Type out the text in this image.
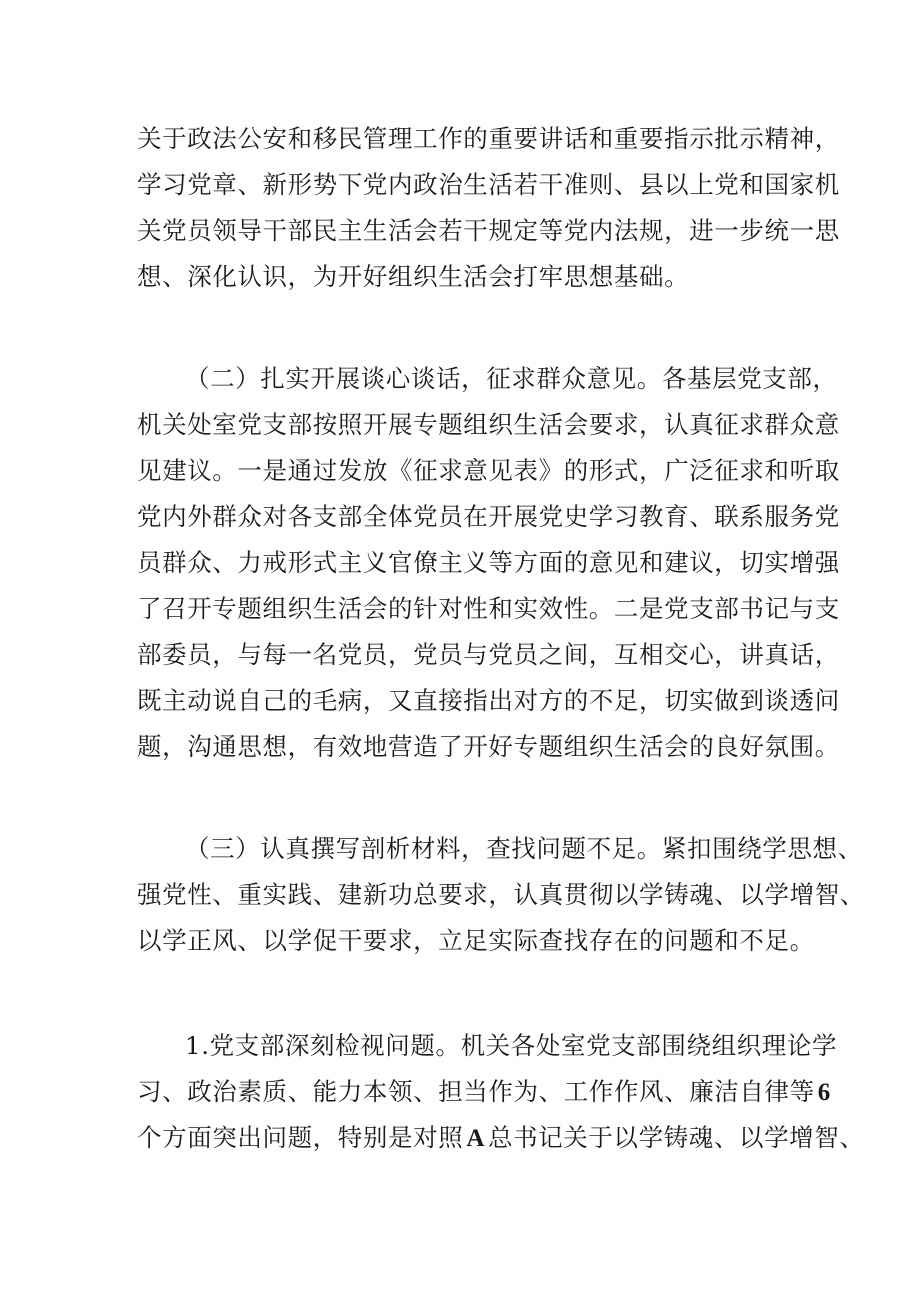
关于政法公安和移民管理工作的重要讲话和重要指示批示精神，
学习党章、新形势下党内政治生活若干准则、县以上党和国家机
关党员领导干部民主生活会若干规定等党内法规，进一步统一思
想、深化认识，为开好组织生活会打牢思想基础。
（二）扎实开展谈心谈话，征求群众意见。各基层党支部，
机关处室党支部按照开展专题组织生活会要求，认真征求群众意
见建议。一是通过发放《征求意见表》的形式，广泛征求和听取
党内外群众对各支部全体党员在开展党史学习教育、联系服务党
员群众、力戒形式主义官僚主义等方面的意见和建议，切实增强
了召开专题组织生活会的针对性和实效性。二是党支部书记与支
部委员，与每一名党员，党员与党员之间，互相交心，讲真话，
既主动说自己的毛病，又直接指出对方的不足，切实做到谈透问
题，沟通思想，有效地营造了开好专题组织生活会的良好氛围。
（三）认真撰写剖析材料，查找问题不足。紧扣围绕学思想、
强党性、重实践、建新功总要求，认真贯彻以学铸魂、以学增智、
以学正风、以学促干要求，立足实际查找存在的问题和不足。
1.党支部深刻检视问题。机关各处室党支部围绕组织理论学
习、政治素质、能力本领、担当作为、工作作风、廉洁自律等 6
个方面突出问题，特别是对照 A 总书记关于以学铸魂、以学增智、
